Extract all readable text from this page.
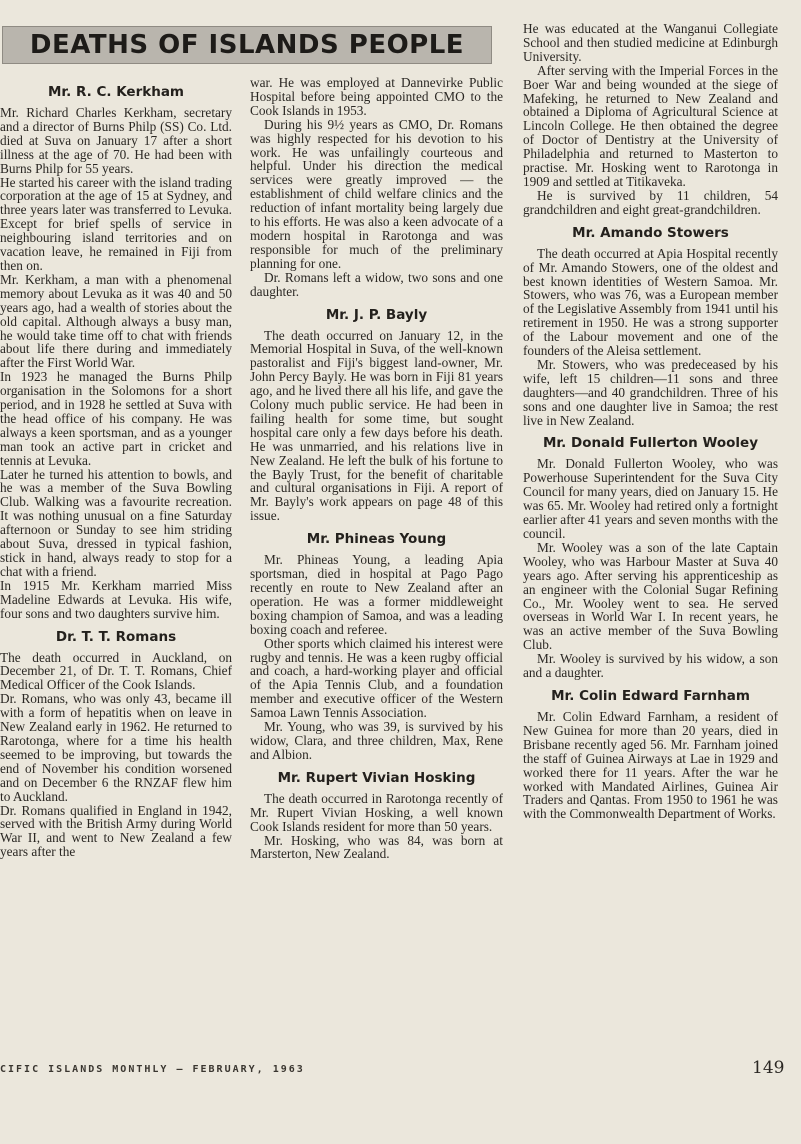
DEATHS OF ISLANDS PEOPLE
Mr. R. C. Kerkham

Mr. Richard Charles Kerkham, secretary and a director of Burns Philp (SS) Co. Ltd. died at Suva on January 17 after a short illness at the age of 70. He had been with Burns Philp for 55 years.

He started his career with the island trading corporation at the age of 15 at Sydney, and three years later was transferred to Levuka. Except for brief spells of service in neighbouring island territories and on vacation leave, he remained in Fiji from then on.

Mr. Kerkham, a man with a phenomenal memory about Levuka as it was 40 and 50 years ago, had a wealth of stories about the old capital. Although always a busy man, he would take time off to chat with friends about life there during and immediately after the First World War.

In 1923 he managed the Burns Philp organisation in the Solomons for a short period, and in 1928 he settled at Suva with the head office of his company. He was always a keen sportsman, and as a younger man took an active part in cricket and tennis at Levuka.

Later he turned his attention to bowls, and he was a member of the Suva Bowling Club. Walking was a favourite recreation. It was nothing unusual on a fine Saturday afternoon or Sunday to see him striding about Suva, dressed in typical fashion, stick in hand, always ready to stop for a chat with a friend.

In 1915 Mr. Kerkham married Miss Madeline Edwards at Levuka. His wife, four sons and two daughters survive him.

Dr. T. T. Romans

The death occurred in Auckland, on December 21, of Dr. T. T. Romans, Chief Medical Officer of the Cook Islands.

Dr. Romans, who was only 43, became ill with a form of hepatitis when on leave in New Zealand early in 1962. He returned to Rarotonga, where for a time his health seemed to be improving, but towards the end of November his condition worsened and on December 6 the RNZAF flew him to Auckland.

Dr. Romans qualified in England in 1942, served with the British Army during World War II, and went to New Zealand a few years after the

war. He was employed at Dannevirke Public Hospital before being appointed CMO to the Cook Islands in 1953.

During his 9½ years as CMO, Dr. Romans was highly respected for his devotion to his work. He was unfailingly courteous and helpful. Under his direction the medical services were greatly improved — the establishment of child welfare clinics and the reduction of infant mortality being largely due to his efforts. He was also a keen advocate of a modern hospital in Rarotonga and was responsible for much of the preliminary planning for one.

Dr. Romans left a widow, two sons and one daughter.

Mr. J. P. Bayly

The death occurred on January 12, in the Memorial Hospital in Suva, of the well-known pastoralist and Fiji's biggest land-owner, Mr. John Percy Bayly. He was born in Fiji 81 years ago, and he lived there all his life, and gave the Colony much public service. He had been in failing health for some time, but sought hospital care only a few days before his death. He was unmarried, and his relations live in New Zealand. He left the bulk of his fortune to the Bayly Trust, for the benefit of charitable and cultural organisations in Fiji. A report of Mr. Bayly's work appears on page 48 of this issue.

Mr. Phineas Young

Mr. Phineas Young, a leading Apia sportsman, died in hospital at Pago Pago recently en route to New Zealand after an operation. He was a former middleweight boxing champion of Samoa, and was a leading boxing coach and referee.

Other sports which claimed his interest were rugby and tennis. He was a keen rugby official and coach, a hard-working player and official of the Apia Tennis Club, and a foundation member and executive officer of the Western Samoa Lawn Tennis Association.

Mr. Young, who was 39, is survived by his widow, Clara, and three children, Max, Rene and Albion.

Mr. Rupert Vivian Hosking

The death occurred in Rarotonga recently of Mr. Rupert Vivian Hosking, a well known Cook Islands resident for more than 50 years.

Mr. Hosking, who was 84, was born at Marsterton, New Zealand.

He was educated at the Wanganui Collegiate School and then studied medicine at Edinburgh University.

After serving with the Imperial Forces in the Boer War and being wounded at the siege of Mafeking, he returned to New Zealand and obtained a Diploma of Agricultural Science at Lincoln College. He then obtained the degree of Doctor of Dentistry at the University of Philadelphia and returned to Masterton to practise. Mr. Hosking went to Rarotonga in 1909 and settled at Titikaveka.

He is survived by 11 children, 54 grandchildren and eight great-grandchildren.

Mr. Amando Stowers

The death occurred at Apia Hospital recently of Mr. Amando Stowers, one of the oldest and best known identities of Western Samoa. Mr. Stowers, who was 76, was a European member of the Legislative Assembly from 1941 until his retirement in 1950. He was a strong supporter of the Labour movement and one of the founders of the Aleisa settlement.

Mr. Stowers, who was predeceased by his wife, left 15 children—11 sons and three daughters—and 40 grandchildren. Three of his sons and one daughter live in Samoa; the rest live in New Zealand.

Mr. Donald Fullerton Wooley

Mr. Donald Fullerton Wooley, who was Powerhouse Superintendent for the Suva City Council for many years, died on January 15. He was 65. Mr. Wooley had retired only a fortnight earlier after 41 years and seven months with the council.

Mr. Wooley was a son of the late Captain Wooley, who was Harbour Master at Suva 40 years ago. After serving his apprenticeship as an engineer with the Colonial Sugar Refining Co., Mr. Wooley went to sea. He served overseas in World War I. In recent years, he was an active member of the Suva Bowling Club.

Mr. Wooley is survived by his widow, a son and a daughter.

Mr. Colin Edward Farnham

Mr. Colin Edward Farnham, a resident of New Guinea for more than 20 years, died in Brisbane recently aged 56. Mr. Farnham joined the staff of Guinea Airways at Lae in 1929 and worked there for 11 years. After the war he worked with Mandated Airlines, Guinea Air Traders and Qantas. From 1950 to 1961 he was with the Commonwealth Department of Works.

CIFIC ISLANDS MONTHLY — FEBRUARY, 1963	149
